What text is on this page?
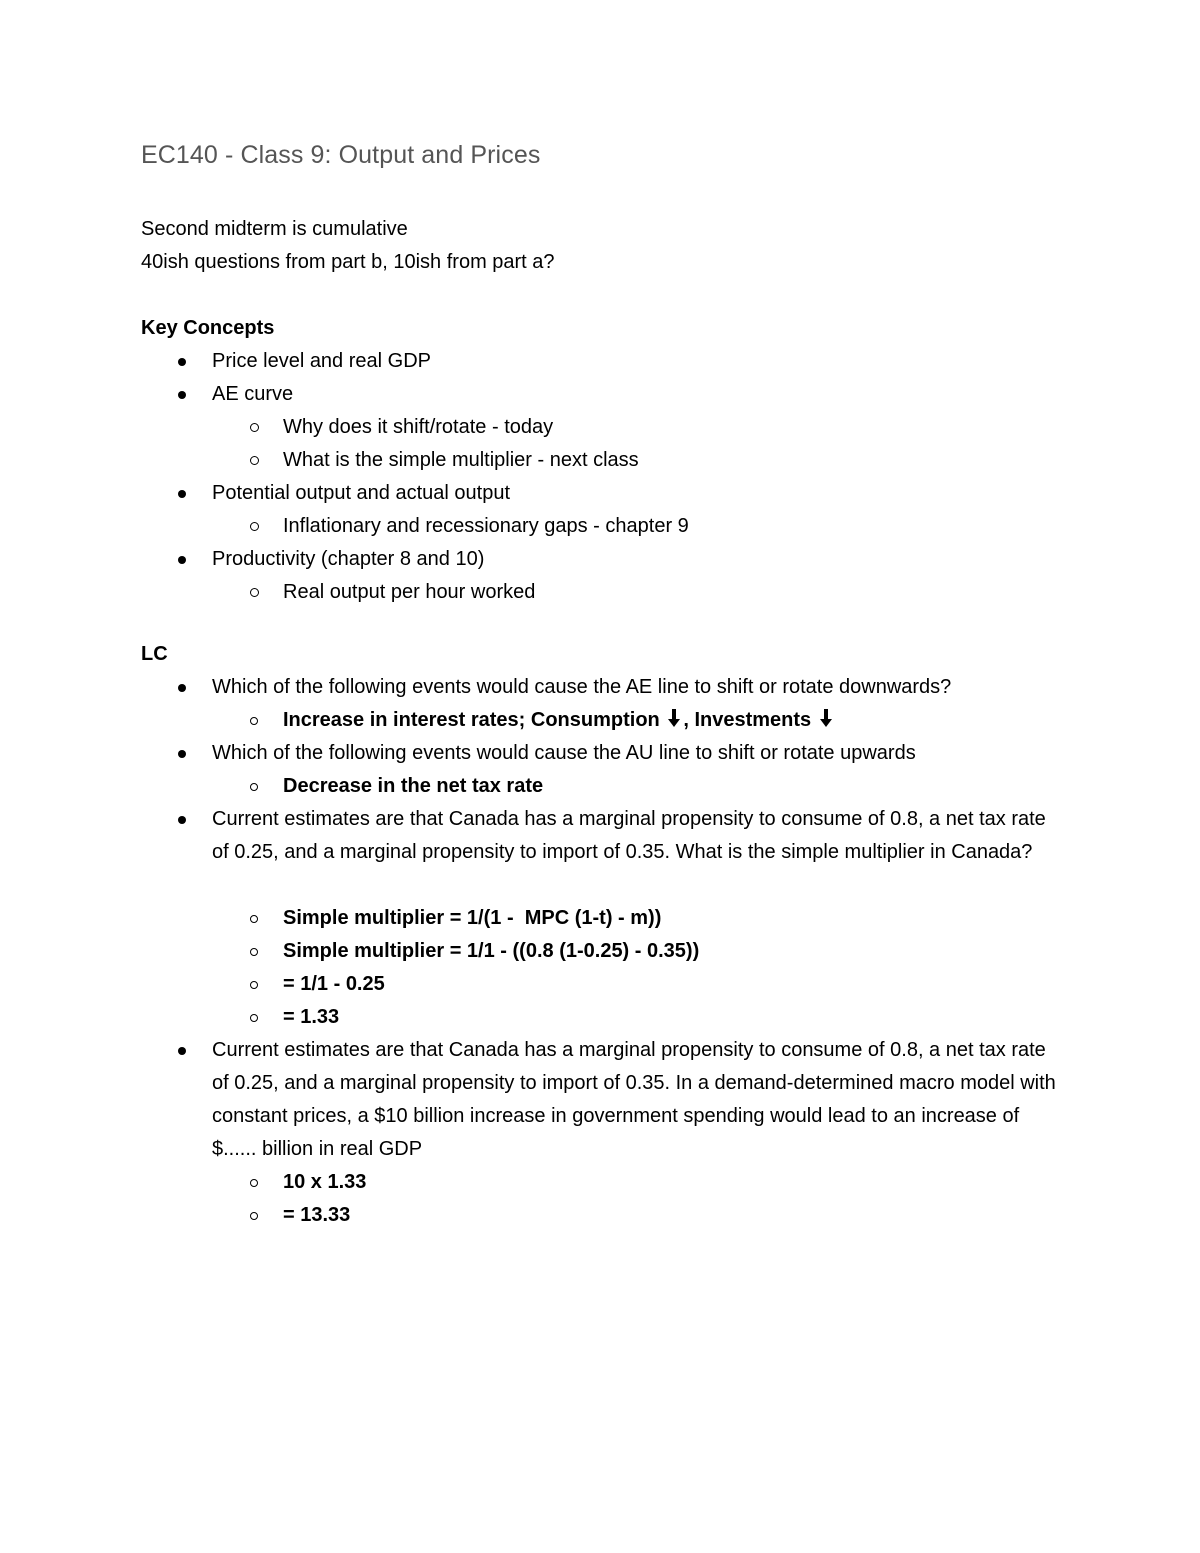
EC140 - Class 9: Output and Prices
Second midterm is cumulative
40ish questions from part b, 10ish from part a?
Key Concepts
Price level and real GDP
AE curve
Why does it shift/rotate - today
What is the simple multiplier - next class
Potential output and actual output
Inflationary and recessionary gaps - chapter 9
Productivity (chapter 8 and 10)
Real output per hour worked
LC
Which of the following events would cause the AE line to shift or rotate downwards?
Increase in interest rates; Consumption , Investments
Which of the following events would cause the AU line to shift or rotate upwards
Decrease in the net tax rate
Current estimates are that Canada has a marginal propensity to consume of 0.8, a net tax rate of 0.25, and a marginal propensity to import of 0.35. What is the simple multiplier in Canada?
Simple multiplier = 1/(1 -  MPC (1-t) - m))
Simple multiplier = 1/1 - ((0.8 (1-0.25) - 0.35))
= 1/1 - 0.25
= 1.33
Current estimates are that Canada has a marginal propensity to consume of 0.8, a net tax rate of 0.25, and a marginal propensity to import of 0.35. In a demand-determined macro model with constant prices, a $10 billion increase in government spending would lead to an increase of $...... billion in real GDP
10 x 1.33
= 13.33
